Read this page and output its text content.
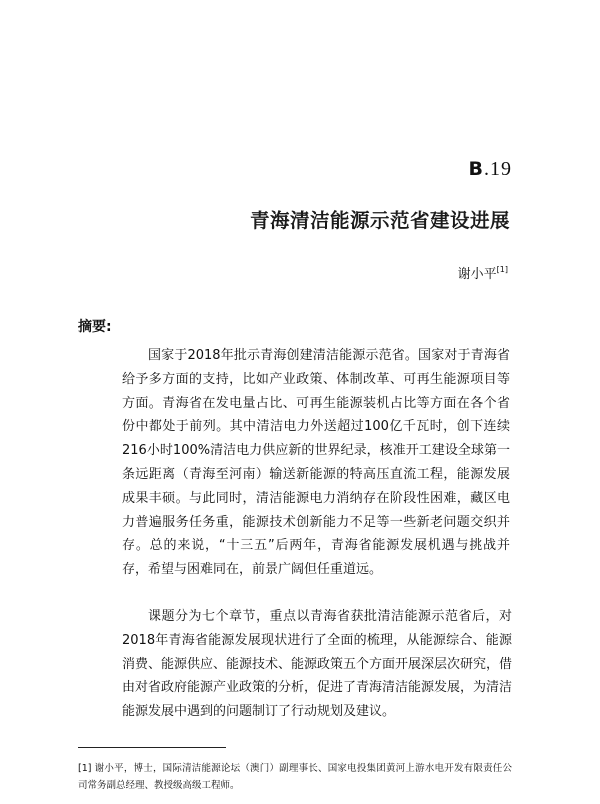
B.19
青海清洁能源示范省建设进展
谢小平[1]
摘要:

国家于2018年批示青海创建清洁能源示范省。国家对于青海省给予多方面的支持，比如产业政策、体制改革、可再生能源项目等方面。青海省在发电量占比、可再生能源装机占比等方面在各个省份中都处于前列。其中清洁电力外送超过100亿千瓦时，创下连续216小时100%清洁电力供应新的世界纪录，核准开工建设全球第一条远距离（青海至河南）输送新能源的特高压直流工程，能源发展成果丰硕。与此同时，清洁能源电力消纳存在阶段性困难，藏区电力普遍服务任务重，能源技术创新能力不足等一些新老问题交织并存。总的来说，“十三五”后两年，青海省能源发展机遇与挑战并存，希望与困难同在，前景广阔但任重道远。

课题分为七个章节，重点以青海省获批清洁能源示范省后，对2018年青海省能源发展现状进行了全面的梳理，从能源综合、能源消费、能源供应、能源技术、能源政策五个方面开展深层次研究，借由对省政府能源产业政策的分析，促进了青海清洁能源发展，为清洁能源发展中遇到的问题制订了行动规划及建议。

[1] 谢小平，博士，国际清洁能源论坛（澳门）副理事长、国家电投集团黄河上游水电开发有限责任公司常务副总经理、教授级高级工程师。
